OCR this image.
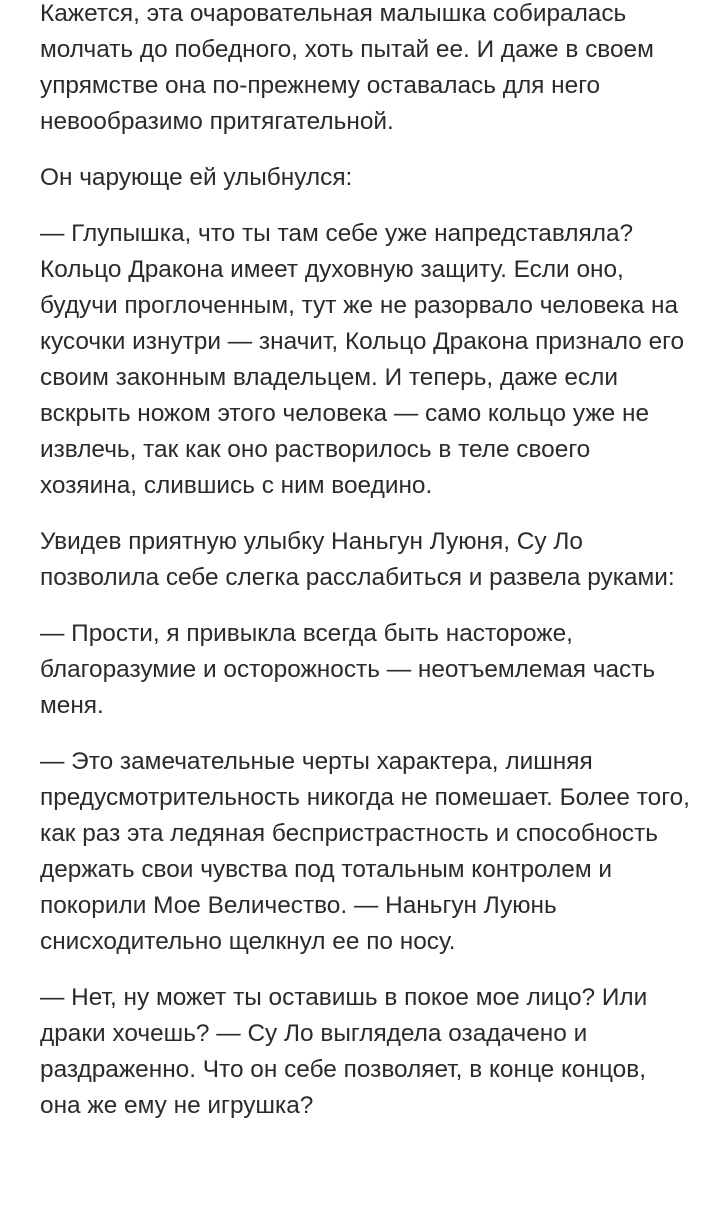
Кажется, эта очаровательная малышка собиралась молчать до победного, хоть пытай ее. И даже в своем упрямстве она по-прежнему оставалась для него невообразимо притягательной.

Он чарующе ей улыбнулся:

— Глупышка, что ты там себе уже напредставляла? Кольцо Дракона имеет духовную защиту. Если оно, будучи проглоченным, тут же не разорвало человека на кусочки изнутри — значит, Кольцо Дракона признало его своим законным владельцем. И теперь, даже если вскрыть ножом этого человека — само кольцо уже не извлечь, так как оно растворилось в теле своего хозяина, слившись с ним воедино.

Увидев приятную улыбку Наньгун Луюня, Су Ло позволила себе слегка расслабиться и развела руками:

— Прости, я привыкла всегда быть настороже, благоразумие и осторожность — неотъемлемая часть меня.

— Это замечательные черты характера, лишняя предусмотрительность никогда не помешает. Более того, как раз эта ледяная беспристрастность и способность держать свои чувства под тотальным контролем и покорили Мое Величество. — Наньгун Луюнь снисходительно щелкнул ее по носу.

— Нет, ну может ты оставишь в покое мое лицо? Или драки хочешь? — Су Ло выглядела озадачено и раздраженно. Что он себе позволяет, в конце концов, она же ему не игрушка?
